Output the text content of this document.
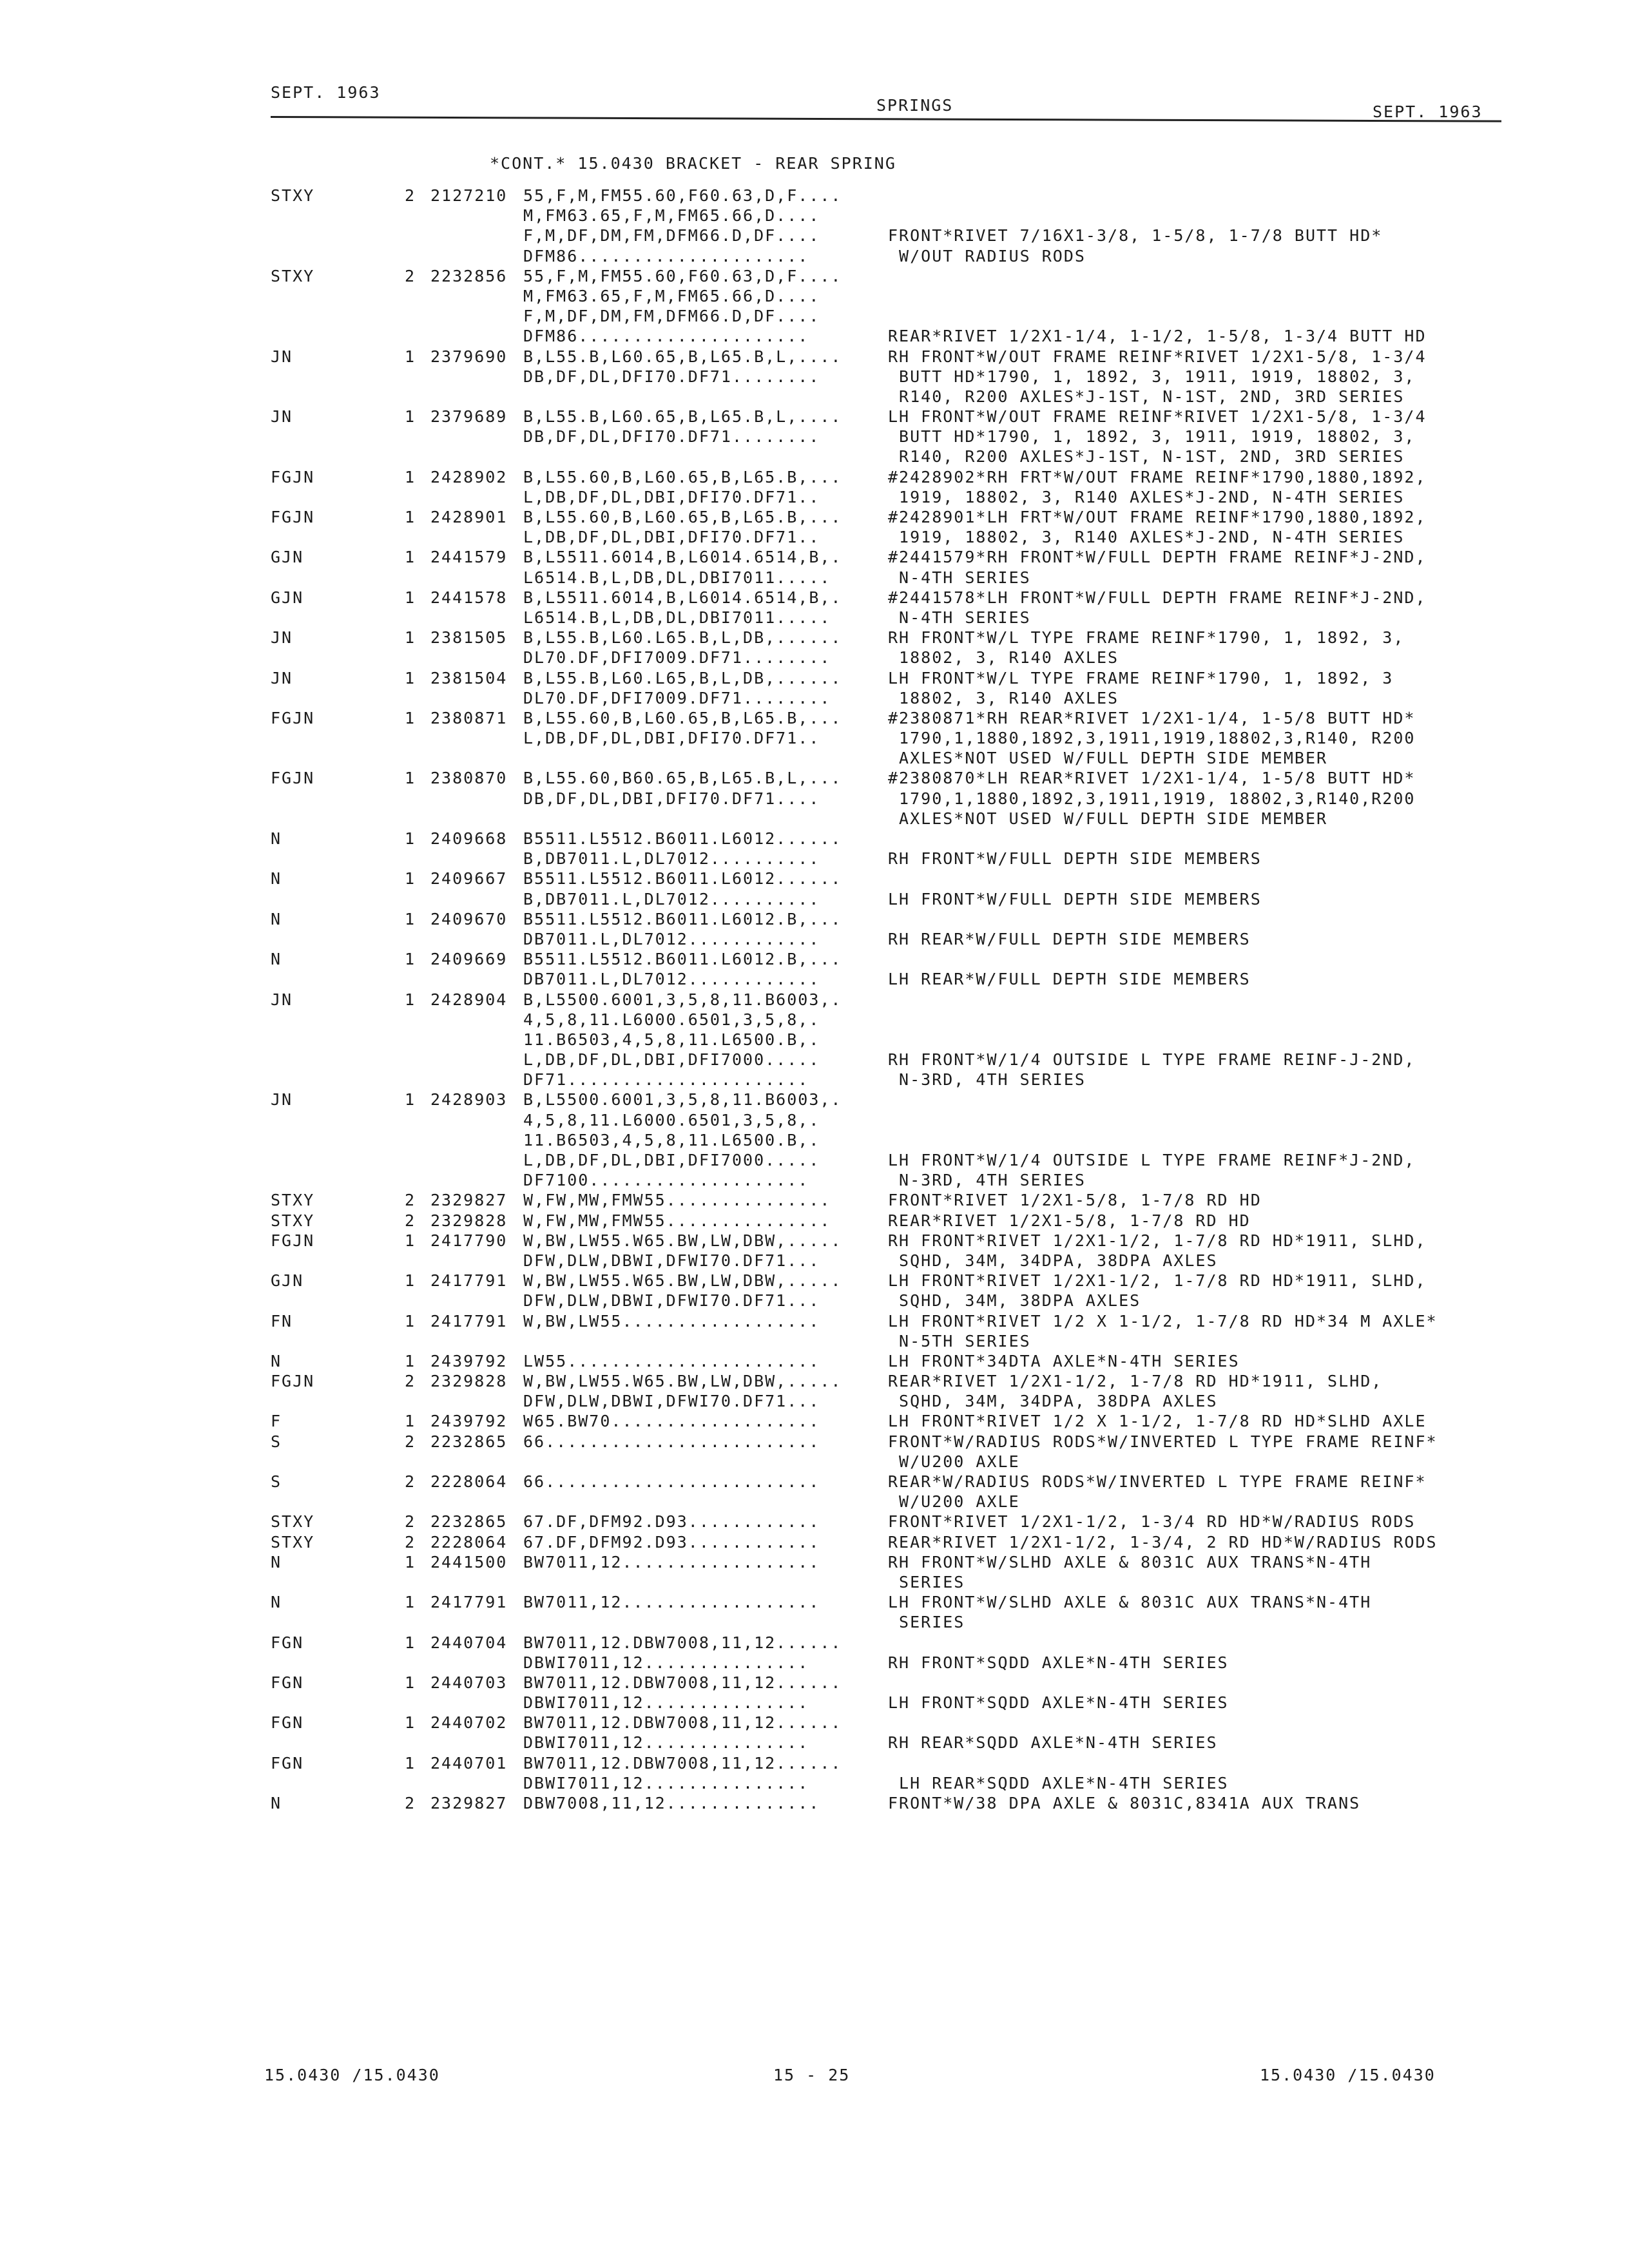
SEPT. 1963
SPRINGS	SEPT. 1963
*CONT.* 15.0430 BRACKET - REAR SPRING
STXY	2 2127210 55,F,M,FM55.60,F60.63,D,F....
M,FM63.65,F,M,FM65.66,D....
F,M,DF,DM,FM,DFM66.D,DF....	FRONT*RIVET 7/16X1-3/8, 1-5/8, 1-7/8 BUTT HD*
DFM86.....................	W/OUT RADIUS RODS
STXY	2 2232856 55,F,M,FM55.60,F60.63,D,F....
M,FM63.65,F,M,FM65.66,D....
F,M,DF,DM,FM,DFM66.D,DF....
DFM86.....................	REAR*RIVET 1/2X1-1/4, 1-1/2, 1-5/8, 1-3/4 BUTT HD
JN	1 2379690 B,L55.B,L60.65,B,L65.B,L,....	RH FRONT*W/OUT FRAME REINF*RIVET 1/2X1-5/8, 1-3/4
DB,DF,DL,DFI70.DF71........	BUTT HD*1790, 1, 1892, 3, 1911, 1919, 18802, 3,
R140, R200 AXLES*J-1ST, N-1ST, 2ND, 3RD SERIES
JN	1 2379689 B,L55.B,L60.65,B,L65.B,L,....	LH FRONT*W/OUT FRAME REINF*RIVET 1/2X1-5/8, 1-3/4
DB,DF,DL,DFI70.DF71........	BUTT HD*1790, 1, 1892, 3, 1911, 1919, 18802, 3,
R140, R200 AXLES*J-1ST, N-1ST, 2ND, 3RD SERIES
FGJN	1 2428902 B,L55.60,B,L60.65,B,L65.B,...	#2428902*RH FRT*W/OUT FRAME REINF*1790,1880,1892,
L,DB,DF,DL,DBI,DFI70.DF71..	1919, 18802, 3, R140 AXLES*J-2ND, N-4TH SERIES
FGJN	1 2428901 B,L55.60,B,L60.65,B,L65.B,...	#2428901*LH FRT*W/OUT FRAME REINF*1790,1880,1892,
L,DB,DF,DL,DBI,DFI70.DF71..	1919, 18802, 3, R140 AXLES*J-2ND, N-4TH SERIES
GJN	1 2441579 B,L5511.6014,B,L6014.6514,B,.	#2441579*RH FRONT*W/FULL DEPTH FRAME REINF*J-2ND,
L6514.B,L,DB,DL,DBI7011.....	N-4TH SERIES
GJN	1 2441578 B,L5511.6014,B,L6014.6514,B,.	#2441578*LH FRONT*W/FULL DEPTH FRAME REINF*J-2ND,
L6514.B,L,DB,DL,DBI7011.....	N-4TH SERIES
JN	1 2381505 B,L55.B,L60.L65.B,L,DB,......	RH FRONT*W/L TYPE FRAME REINF*1790, 1, 1892, 3,
DL70.DF,DFI7009.DF71........	18802, 3, R140 AXLES
JN	1 2381504 B,L55.B,L60.L65,B,L,DB,......	LH FRONT*W/L TYPE FRAME REINF*1790, 1, 1892, 3
DL70.DF,DFI7009.DF71........	18802, 3, R140 AXLES
FGJN	1 2380871 B,L55.60,B,L60.65,B,L65.B,...	#2380871*RH REAR*RIVET 1/2X1-1/4, 1-5/8 BUTT HD*
L,DB,DF,DL,DBI,DFI70.DF71..	1790,1,1880,1892,3,1911,1919,18802,3,R140, R200
AXLES*NOT USED W/FULL DEPTH SIDE MEMBER
FGJN	1 2380870 B,L55.60,B60.65,B,L65.B,L,...	#2380870*LH REAR*RIVET 1/2X1-1/4, 1-5/8 BUTT HD*
DB,DF,DL,DBI,DFI70.DF71....	1790,1,1880,1892,3,1911,1919, 18802,3,R140,R200
AXLES*NOT USED W/FULL DEPTH SIDE MEMBER
N	1 2409668 B5511.L5512.B6011.L6012......
B,DB7011.L,DL7012..........	RH FRONT*W/FULL DEPTH SIDE MEMBERS
N	1 2409667 B5511.L5512.B6011.L6012......
B,DB7011.L,DL7012..........	LH FRONT*W/FULL DEPTH SIDE MEMBERS
N	1 2409670 B5511.L5512.B6011.L6012.B,...
DB7011.L,DL7012............	RH REAR*W/FULL DEPTH SIDE MEMBERS
N	1 2409669 B5511.L5512.B6011.L6012.B,...
DB7011.L,DL7012............	LH REAR*W/FULL DEPTH SIDE MEMBERS
JN	1 2428904 B,L5500.6001,3,5,8,11.B6003,.
4,5,8,11.L6000.6501,3,5,8,.
11.B6503,4,5,8,11.L6500.B,.
L,DB,DF,DL,DBI,DFI7000.....	RH FRONT*W/1/4 OUTSIDE L TYPE FRAME REINF-J-2ND,
DF71......................	N-3RD, 4TH SERIES
JN	1 2428903 B,L5500.6001,3,5,8,11.B6003,.
4,5,8,11.L6000.6501,3,5,8,.
11.B6503,4,5,8,11.L6500.B,.
L,DB,DF,DL,DBI,DFI7000.....	LH FRONT*W/1/4 OUTSIDE L TYPE FRAME REINF*J-2ND,
DF7100....................	N-3RD, 4TH SERIES
STXY	2 2329827 W,FW,MW,FMW55...............	FRONT*RIVET 1/2X1-5/8, 1-7/8 RD HD
STXY	2 2329828 W,FW,MW,FMW55...............	REAR*RIVET 1/2X1-5/8, 1-7/8 RD HD
FGJN	1 2417790 W,BW,LW55.W65.BW,LW,DBW,.....	RH FRONT*RIVET 1/2X1-1/2, 1-7/8 RD HD*1911, SLHD,
DFW,DLW,DBWI,DFWI70.DF71...	SQHD, 34M, 34DPA, 38DPA AXLES
GJN	1 2417791 W,BW,LW55.W65.BW,LW,DBW,.....	LH FRONT*RIVET 1/2X1-1/2, 1-7/8 RD HD*1911, SLHD,
DFW,DLW,DBWI,DFWI70.DF71...	SQHD, 34M, 38DPA AXLES
FN	1 2417791 W,BW,LW55..................	LH FRONT*RIVET 1/2 X 1-1/2, 1-7/8 RD HD*34 M AXLE*
N-5TH SERIES
N	1 2439792 LW55.......................	LH FRONT*34DTA AXLE*N-4TH SERIES
FGJN	2 2329828 W,BW,LW55.W65.BW,LW,DBW,.....	REAR*RIVET 1/2X1-1/2, 1-7/8 RD HD*1911, SLHD,
DFW,DLW,DBWI,DFWI70.DF71...	SQHD, 34M, 34DPA, 38DPA AXLES
F	1 2439792 W65.BW70...................	LH FRONT*RIVET 1/2 X 1-1/2, 1-7/8 RD HD*SLHD AXLE
S	2 2232865 66.........................	FRONT*W/RADIUS RODS*W/INVERTED L TYPE FRAME REINF*
W/U200 AXLE
S	2 2228064 66.........................	REAR*W/RADIUS RODS*W/INVERTED L TYPE FRAME REINF*
W/U200 AXLE
STXY	2 2232865 67.DF,DFM92.D93............	FRONT*RIVET 1/2X1-1/2, 1-3/4 RD HD*W/RADIUS RODS
STXY	2 2228064 67.DF,DFM92.D93............	REAR*RIVET 1/2X1-1/2, 1-3/4, 2 RD HD*W/RADIUS RODS
N	1 2441500 BW7011,12..................	RH FRONT*W/SLHD AXLE & 8031C AUX TRANS*N-4TH
SERIES
N	1 2417791 BW7011,12..................	LH FRONT*W/SLHD AXLE & 8031C AUX TRANS*N-4TH
SERIES
FGN	1 2440704 BW7011,12.DBW7008,11,12......
DBWI7011,12...............	RH FRONT*SQDD AXLE*N-4TH SERIES
FGN	1 2440703 BW7011,12.DBW7008,11,12......
DBWI7011,12...............	LH FRONT*SQDD AXLE*N-4TH SERIES
FGN	1 2440702 BW7011,12.DBW7008,11,12......
DBWI7011,12...............	RH REAR*SQDD AXLE*N-4TH SERIES
FGN	1 2440701 BW7011,12.DBW7008,11,12......
DBWI7011,12...............	LH REAR*SQDD AXLE*N-4TH SERIES
N	2 2329827 DBW7008,11,12..............	FRONT*W/38 DPA AXLE & 8031C,8341A AUX TRANS
15.0430 /15.0430	15 - 25	15.0430 /15.0430
